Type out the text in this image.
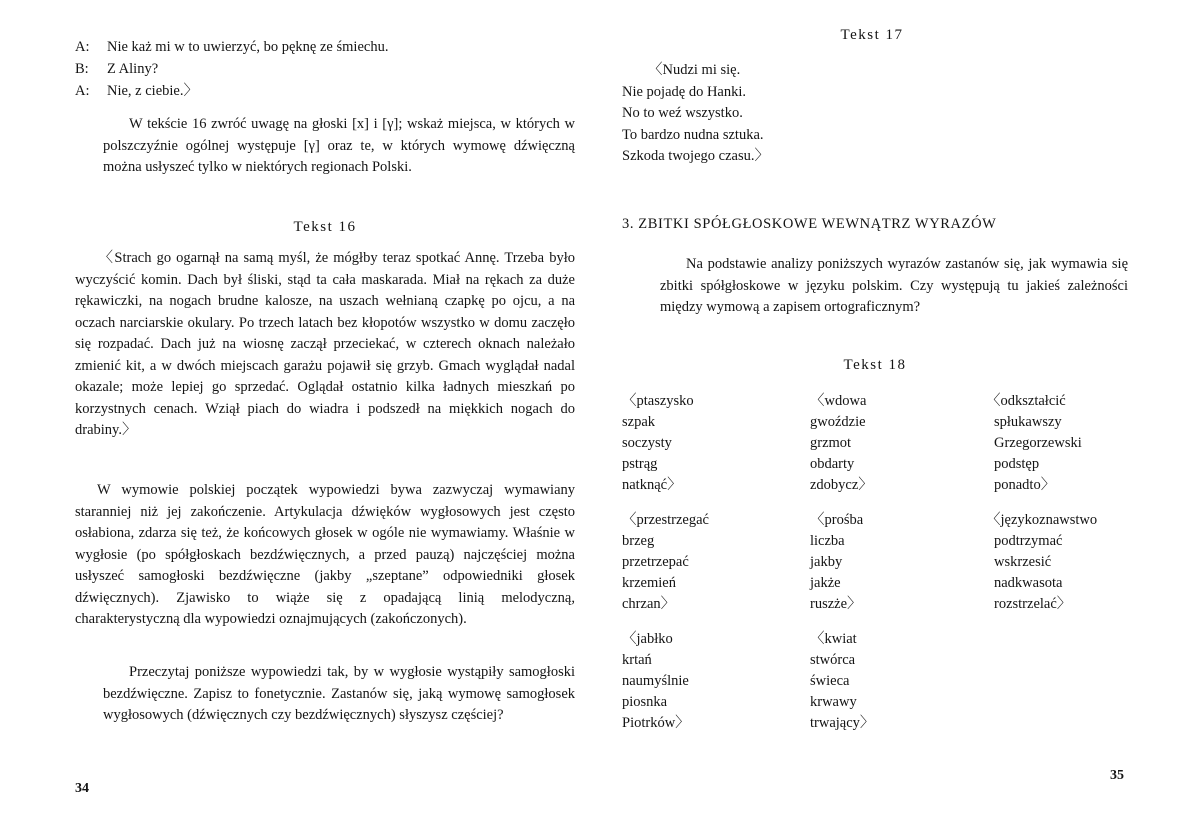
A: Nie każ mi w to uwierzyć, bo pęknę ze śmiechu.
B: Z Aliny?
A: Nie, z ciebie.〉
W tekście 16 zwróć uwagę na głoski [x] i [γ]; wskaż miejsca, w których w polszczyźnie ogólnej występuje [γ] oraz te, w których wymowę dźwięczną można usłyszeć tylko w niektórych regionach Polski.
Tekst 16
〈Strach go ogarnął na samą myśl, że mógłby teraz spotkać Annę. Trzeba było wyczyścić komin. Dach był śliski, stąd ta cała maskarada. Miał na rękach za duże rękawiczki, na nogach brudne kalosze, na uszach wełnianą czapkę po ojcu, a na oczach narciarskie okulary. Po trzech latach bez kłopotów wszystko w domu zaczęło się rozpadać. Dach już na wiosnę zaczął przeciekać, w czterech oknach należało zmienić kit, a w dwóch miejscach garażu pojawił się grzyb. Gmach wyglądał nadal okazale; może lepiej go sprzedać. Oglądał ostatnio kilka ładnych mieszkań po korzystnych cenach. Wziął piach do wiadra i podszedł na miękkich nogach do drabiny.〉
W wymowie polskiej początek wypowiedzi bywa zazwyczaj wymawiany staranniej niż jej zakończenie. Artykulacja dźwięków wygłosowych jest często osłabiona, zdarza się też, że końcowych głosek w ogóle nie wymawiamy. Właśnie w wygłosie (po spółgłoskach bezdźwięcznych, a przed pauzą) najczęściej można usłyszeć samogłoski bezdźwięczne (jakby „szeptane” odpowiedniki głosek dźwięcznych). Zjawisko to wiąże się z opadającą linią melodyczną, charakterystyczną dla wypowiedzi oznajmujących (zakończonych).
Przeczytaj poniższe wypowiedzi tak, by w wygłosie wystąpiły samogłoski bezdźwięczne. Zapisz to fonetycznie. Zastanów się, jaką wymowę samogłosek wygłosowych (dźwięcznych czy bezdźwięcznych) słyszysz częściej?
34
Tekst 17
〈Nudzi mi się.
Nie pojadę do Hanki.
No to weź wszystko.
To bardzo nudna sztuka.
Szkoda twojego czasu.〉
3. ZBITKI SPÓŁGŁOSKOWE WEWNĄTRZ WYRAZÓW
Na podstawie analizy poniższych wyrazów zastanów się, jak wymawia się zbitki spółgłoskowe w języku polskim. Czy występują tu jakieś zależności między wymową a zapisem ortograficznym?
Tekst 18
〈ptaszysko
szpak
soczysty
pstrąg
natknąć〉
〈przestrzegać
brzeg
przetrzepać
krzemień
chrzan〉
〈jabłko
krtań
naumyślnie
piosnka
Piotrków〉
〈wdowa
gwoździe
grzmot
obdarty
zdobycz〉
〈prośba
liczba
jakby
jakże
ruszże〉
〈kwiat
stwórca
świeca
krwawy
trwający〉
〈odkształcić
spłukawszy
Grzegorzewski
podstęp
ponadto〉
〈językoznawstwo
podtrzymać
wskrzesić
nadkwasota
rozstrzelać〉
35
